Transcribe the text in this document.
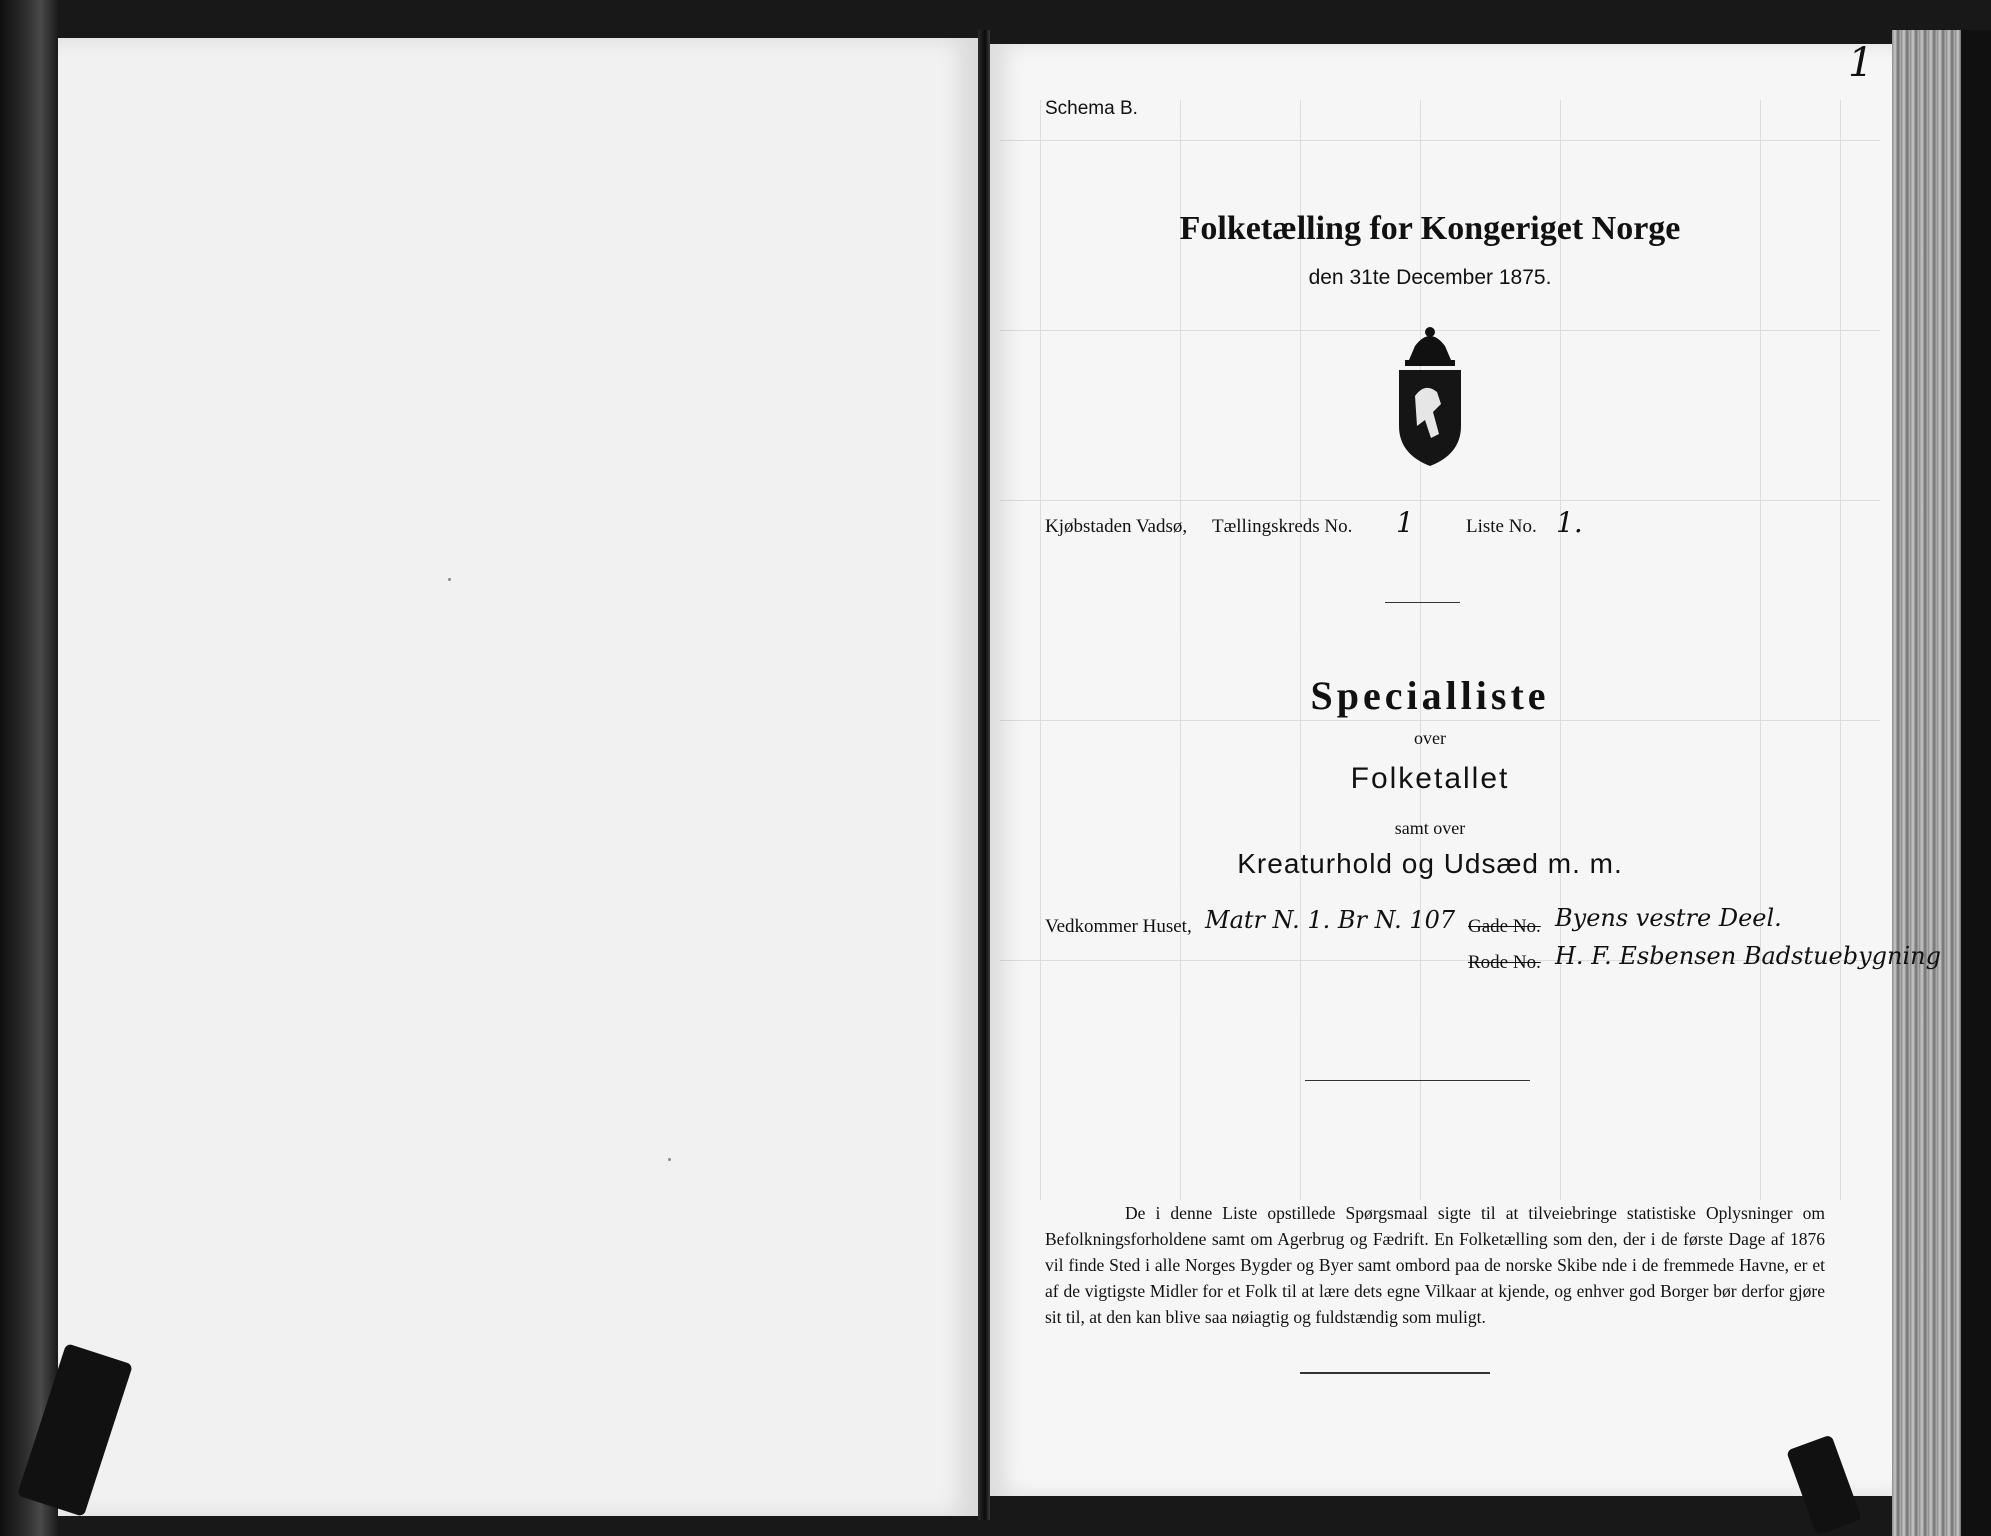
1
Schema B.
Folketælling for Kongeriget Norge
den 31te December 1875.
Kjøbstaden Vadsø, Tællingskreds No. 1	Liste No. 1.
Specialliste
over
Folketallet
samt over
Kreaturhold og Udsæd m. m.
Vedkommer Huset, Matr N. 1. Br N. 107 Gade No. Byens vestre Deel.
Rode No. H. F. Esbensen Badstuebygning
De i denne Liste opstillede Spørgsmaal sigte til at tilveiebringe statistiske Oplysninger om Befolkningsforholdene samt om Agerbrug og Fædrift. En Folketælling som den, der i de første Dage af 1876 vil finde Sted i alle Norges Bygder og Byer samt ombord paa de norske Skibe nde i de fremmede Havne, er et af de vigtigste Midler for et Folk til at lære dets egne Vilkaar at kjende, og enhver god Borger bør derfor gjøre sit til, at den kan blive saa nøiagtig og fuldstændig som muligt.
